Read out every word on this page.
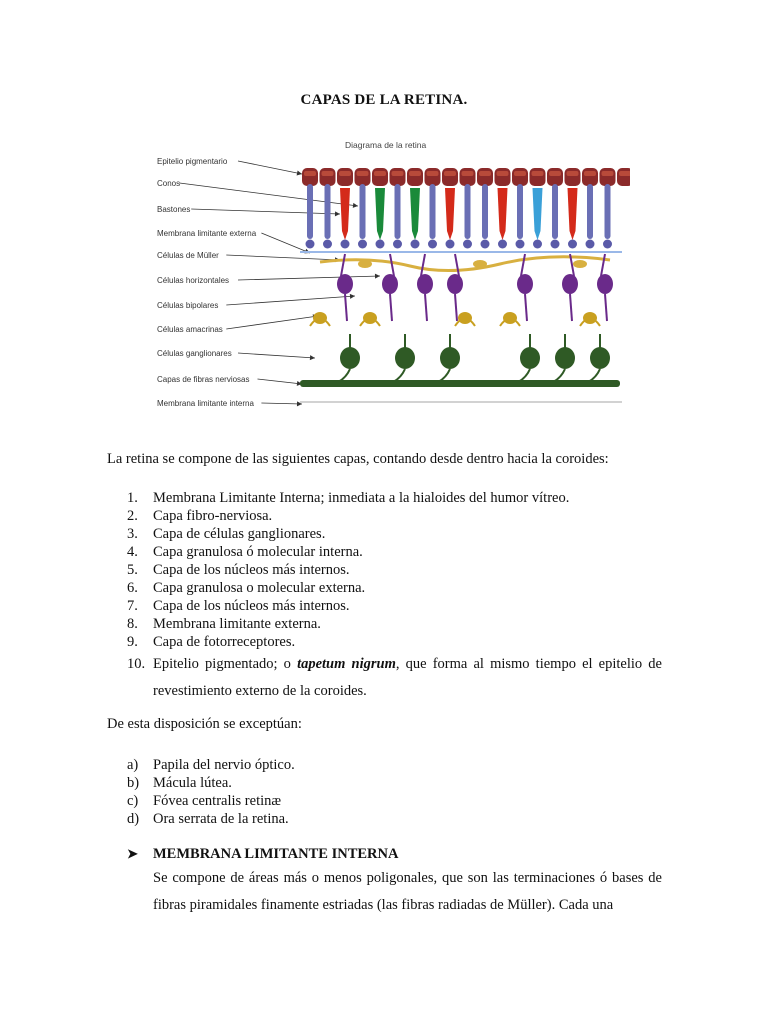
CAPAS DE LA RETINA.
Diagrama de la retina
Epitelio pigmentario
Conos
Bastones
Membrana limitante externa
Células de Müller
Células horizontales
Células bipolares
Células amacrinas
Células ganglionares
Capas de fibras nerviosas
Membrana limitante interna
La retina se compone de las siguientes capas, contando desde dentro hacia la coroides:
1. Membrana Limitante Interna; inmediata a la hialoides del humor vítreo.
2. Capa fibro-nerviosa.
3. Capa de células ganglionares.
4. Capa granulosa ó molecular interna.
5. Capa de los núcleos más internos.
6. Capa granulosa o molecular externa.
7. Capa de los núcleos más internos.
8. Membrana limitante externa.
9. Capa de fotorreceptores.
10. Epitelio pigmentado; o tapetum nigrum, que forma al mismo tiempo el epitelio de revestimiento externo de la coroides.
De esta disposición se exceptúan:
a) Papila del nervio óptico.
b) Mácula lútea.
c) Fóvea centralis retinæ
d) Ora serrata de la retina.
➤ MEMBRANA LIMITANTE INTERNA
Se compone de áreas más o menos poligonales, que son las terminaciones ó bases de fibras piramidales finamente estriadas (las fibras radiadas de Müller). Cada una
